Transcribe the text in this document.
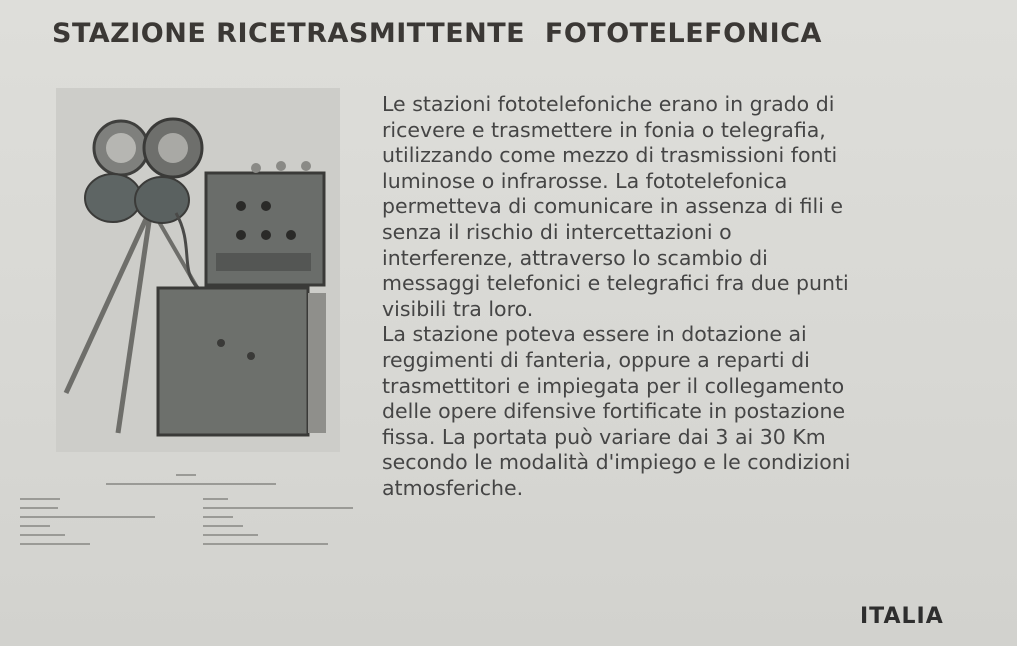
STAZIONE RICETRASMITTENTE  FOTOTELEFONICA
Le stazioni fototelefoniche erano in grado di
ricevere e trasmettere in fonia o telegrafia,
utilizzando come mezzo di trasmissioni fonti
luminose o infrarosse. La fototelefonica
permetteva di comunicare in assenza di fili e
senza il rischio di intercettazioni o
interferenze, attraverso lo scambio di
messaggi telefonici e telegrafici fra due punti
visibili tra loro.
La stazione poteva essere in dotazione ai
reggimenti di fanteria, oppure a reparti di
trasmettitori e impiegata per il collegamento
delle opere difensive fortificate in postazione
fissa. La portata può variare dai 3 ai 30 Km
secondo le modalità d'impiego e le condizioni
atmosferiche.
ITALIA
